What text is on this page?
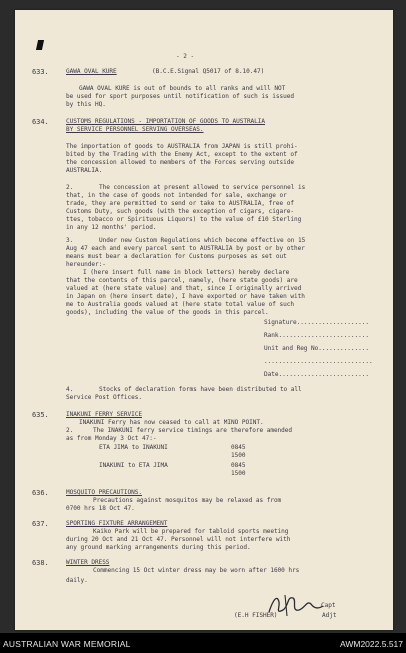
- 2 -
633.	GAWA OVAL KURE	(B.C.E.Signal Q5017 of 8.10.47)
GAWA OVAL KURE is out of bounds to all ranks and will NOT
be used for sport purposes until notification of such is issued
by this HQ.
634.	CUSTOMS REGULATIONS - IMPORTATION OF GOODS TO AUSTRALIA
BY SERVICE PERSONNEL SERVING OVERSEAS.
The importation of goods to AUSTRALIA from JAPAN is still prohi-
bited by the Trading with the Enemy Act, except to the extent of
the concession allowed to members of the Forces serving outside
AUSTRALIA.
2.	The concession at present allowed to service personnel is
that, in the case of goods not intended for sale, exchange or
trade, they are permitted to send or take to AUSTRALIA, free of
Customs Duty, such goods (with the exception of cigars, cigare-
ttes, tobacco or Spirituous Liquors) to the value of £10 Sterling
in any 12 months' period.
3.	Under new Custom Regulations which become effective on 15
Aug 47 each and every parcel sent to AUSTRALIA by post or by other
means must bear a declaration for Customs purposes as set out
hereunder:-
I (here insert full name in block letters) hereby declare
that the contents of this parcel, namely, (here state goods) are
valued at (here state value) and that, since I originally arrived
in Japan on (here insert date), I have exported or have taken with
me to Australia goods valued at (here state total value of such
goods), including the value of the goods in this parcel.
Signature....................
Rank.........................
Unit and Reg No..............
..............................
Date.........................
4.	Stocks of declaration forms have been distributed to all
Service Post Offices.
635.	INAKUNI FERRY SERVICE
INAKUNI Ferry has now ceased to call at MINO POINT.
2.	The INAKUNI ferry service timings are therefore amended
as from Monday 3 Oct 47:-
ETA JIMA to INAKUNI	0845
1500
INAKUNI to ETA JIMA	0845
1500
636.	MOSQUITO PRECAUTIONS.
Precautions against mosquitos may be relaxed as from
0700 hrs 18 Oct 47.
637.	SPORTING FIXTURE ARRANGEMENT
Kaiko Park will be prepared for tabloid sports meeting
during 20 Oct and 21 Oct 47. Personnel will not interfere with
any ground marking arrangements during this period.
638.	WINTER DRESS
Commencing 15 Oct winter dress may be worn after 1600 hrs
daily.
Capt
(E.H FISHER)	Adjt
AUSTRALIAN WAR MEMORIAL	AWM2022.5.517
